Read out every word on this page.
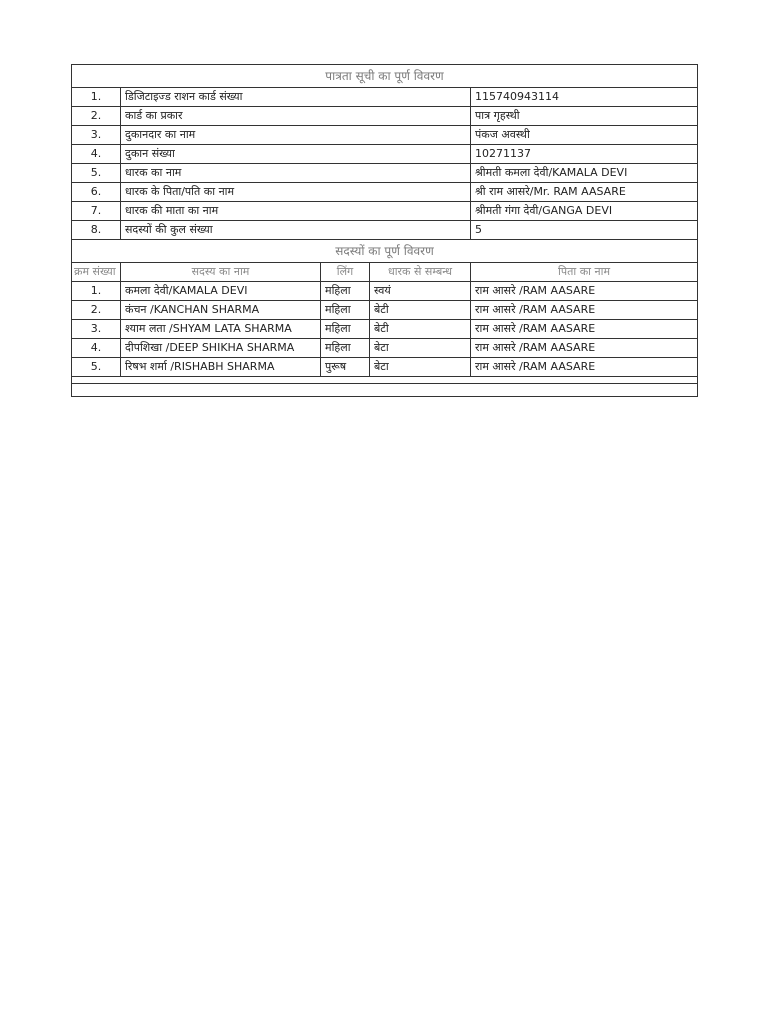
पात्रता सूची का पूर्ण विवरण				
1.	डिजिटाइज्ड राशन कार्ड संख्या			115740943114
2.	कार्ड का प्रकार			पात्र गृहस्थी
3.	दुकानदार का नाम			पंकज अवस्थी
4.	दुकान संख्या			10271137
5.	धारक का नाम			श्रीमती कमला देवी/KAMALA DEVI
6.	धारक के पिता/पति का नाम			श्री राम आसरे/Mr. RAM AASARE
7.	धारक की माता का नाम			श्रीमती गंगा देवी/GANGA DEVI
8.	सदस्यों की कुल संख्या			5
सदस्यों का पूर्ण विवरण				
क्रम संख्या	सदस्य का नाम	लिंग	धारक से सम्बन्ध	पिता का नाम
1.	कमला देवी/KAMALA DEVI	महिला	स्वयं	राम आसरे /RAM AASARE
2.	कंचन /KANCHAN SHARMA	महिला	बेटी	राम आसरे /RAM AASARE
3.	श्याम लता /SHYAM LATA SHARMA	महिला	बेटी	राम आसरे /RAM AASARE
4.	दीपशिखा /DEEP SHIKHA SHARMA	महिला	बेटा	राम आसरे /RAM AASARE
5.	रिषभ शर्मा /RISHABH SHARMA	पुरूष	बेटा	राम आसरे /RAM AASARE
